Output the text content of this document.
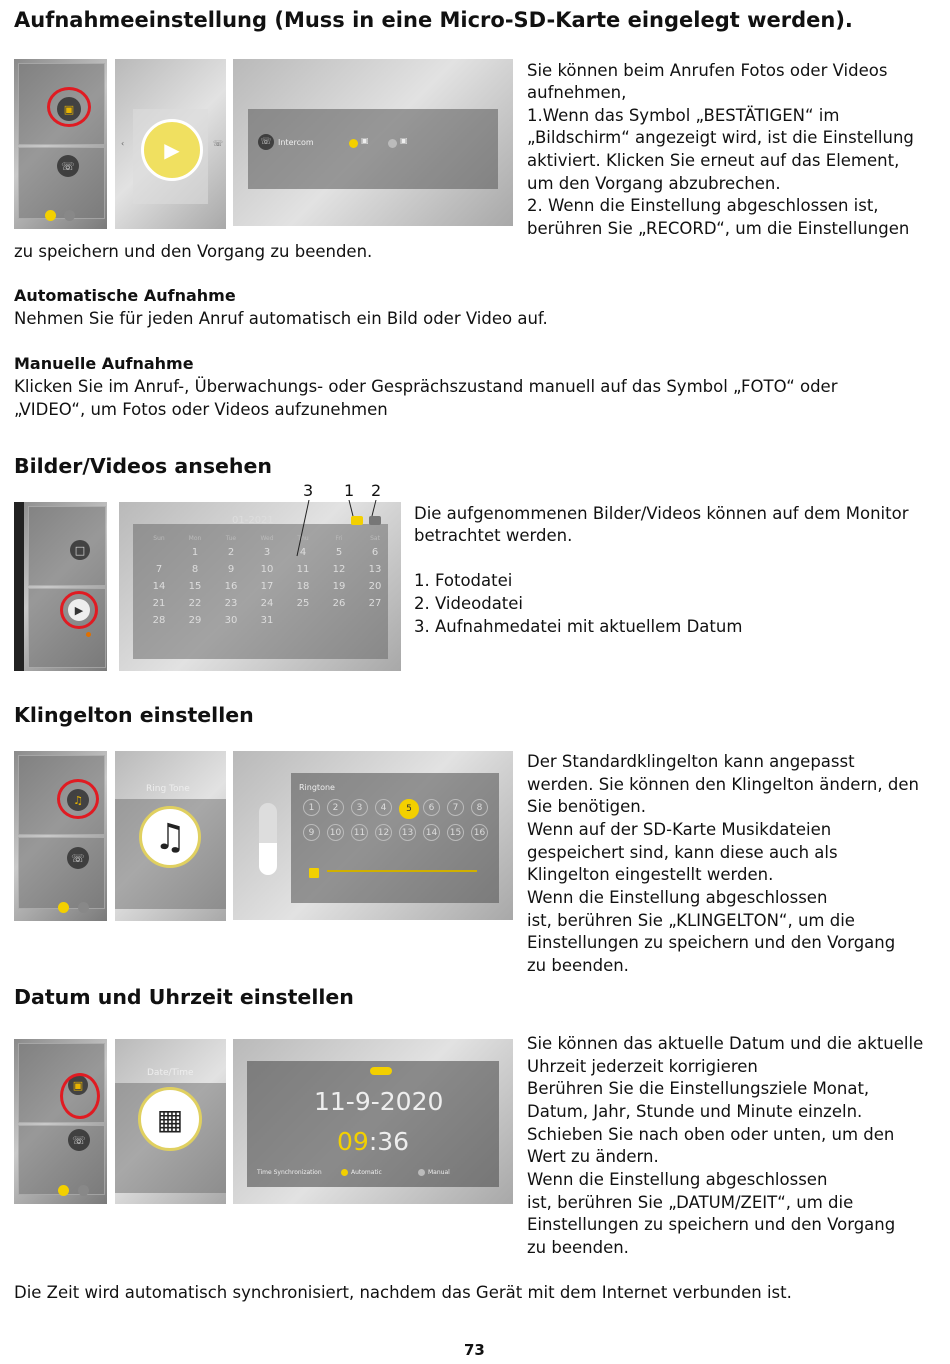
Aufnahmeeinstellung (Muss in eine Micro-SD-Karte eingelegt werden).
▣
☏
▶
‹	☏	☏ Intercom	▣	▣
Sie können beim Anrufen Fotos oder Videos
aufnehmen,
1.Wenn das Symbol „BESTÄTIGEN“ im
„Bildschirm“ angezeigt wird, ist die Einstellung
aktiviert. Klicken Sie erneut auf das Element,
um den Vorgang abzubrechen.
2. Wenn die Einstellung abgeschlossen ist,
berühren Sie „RECORD“, um die Einstellungen
zu speichern und den Vorgang zu beenden.
Automatische Aufnahme
Nehmen Sie für jeden Anruf automatisch ein Bild oder Video auf.
Manuelle Aufnahme
Klicken Sie im Anruf-, Überwachungs- oder Gesprächszustand manuell auf das Symbol „FOTO“ oder
„VIDEO“, um Fotos oder Videos aufzunehmen
Bilder/Videos ansehen
3 1 2
□
▶
01-2021
Sun	Mon	Tue	Wed	Thu	Fri	Sat
	1	2	3	4	5	6
7	8	9	10	11	12	13
14	15	16	17	18	19	20
21	22	23	24	25	26	27
28	29	30	31			
Die aufgenommenen Bilder/Videos können auf dem Monitor
betrachtet werden.
1. Fotodatei
2. Videodatei
3. Aufnahmedatei mit aktuellem Datum
Klingelton einstellen
♫
☏
Ring Tone
♫
Ringtone
1	2	3	4	5	6	7	8
9	10	11	12	13	14	15	16
Der Standardklingelton kann angepasst
werden. Sie können den Klingelton ändern, den
Sie benötigen.
Wenn auf der SD-Karte Musikdateien
gespeichert sind, kann diese auch als
Klingelton eingestellt werden.
Wenn die Einstellung abgeschlossen
ist, berühren Sie „KLINGELTON“, um die
Einstellungen zu speichern und den Vorgang
zu beenden.
Datum und Uhrzeit einstellen
▣
☏
Date/Time
▦
11-9-2020
09:36
Time Synchronization	Automatic	Manual
Sie können das aktuelle Datum und die aktuelle
Uhrzeit jederzeit korrigieren
Berühren Sie die Einstellungsziele Monat,
Datum, Jahr, Stunde und Minute einzeln.
Schieben Sie nach oben oder unten, um den
Wert zu ändern.
Wenn die Einstellung abgeschlossen
ist, berühren Sie „DATUM/ZEIT“, um die
Einstellungen zu speichern und den Vorgang
zu beenden.
Die Zeit wird automatisch synchronisiert, nachdem das Gerät mit dem Internet verbunden ist.
73
